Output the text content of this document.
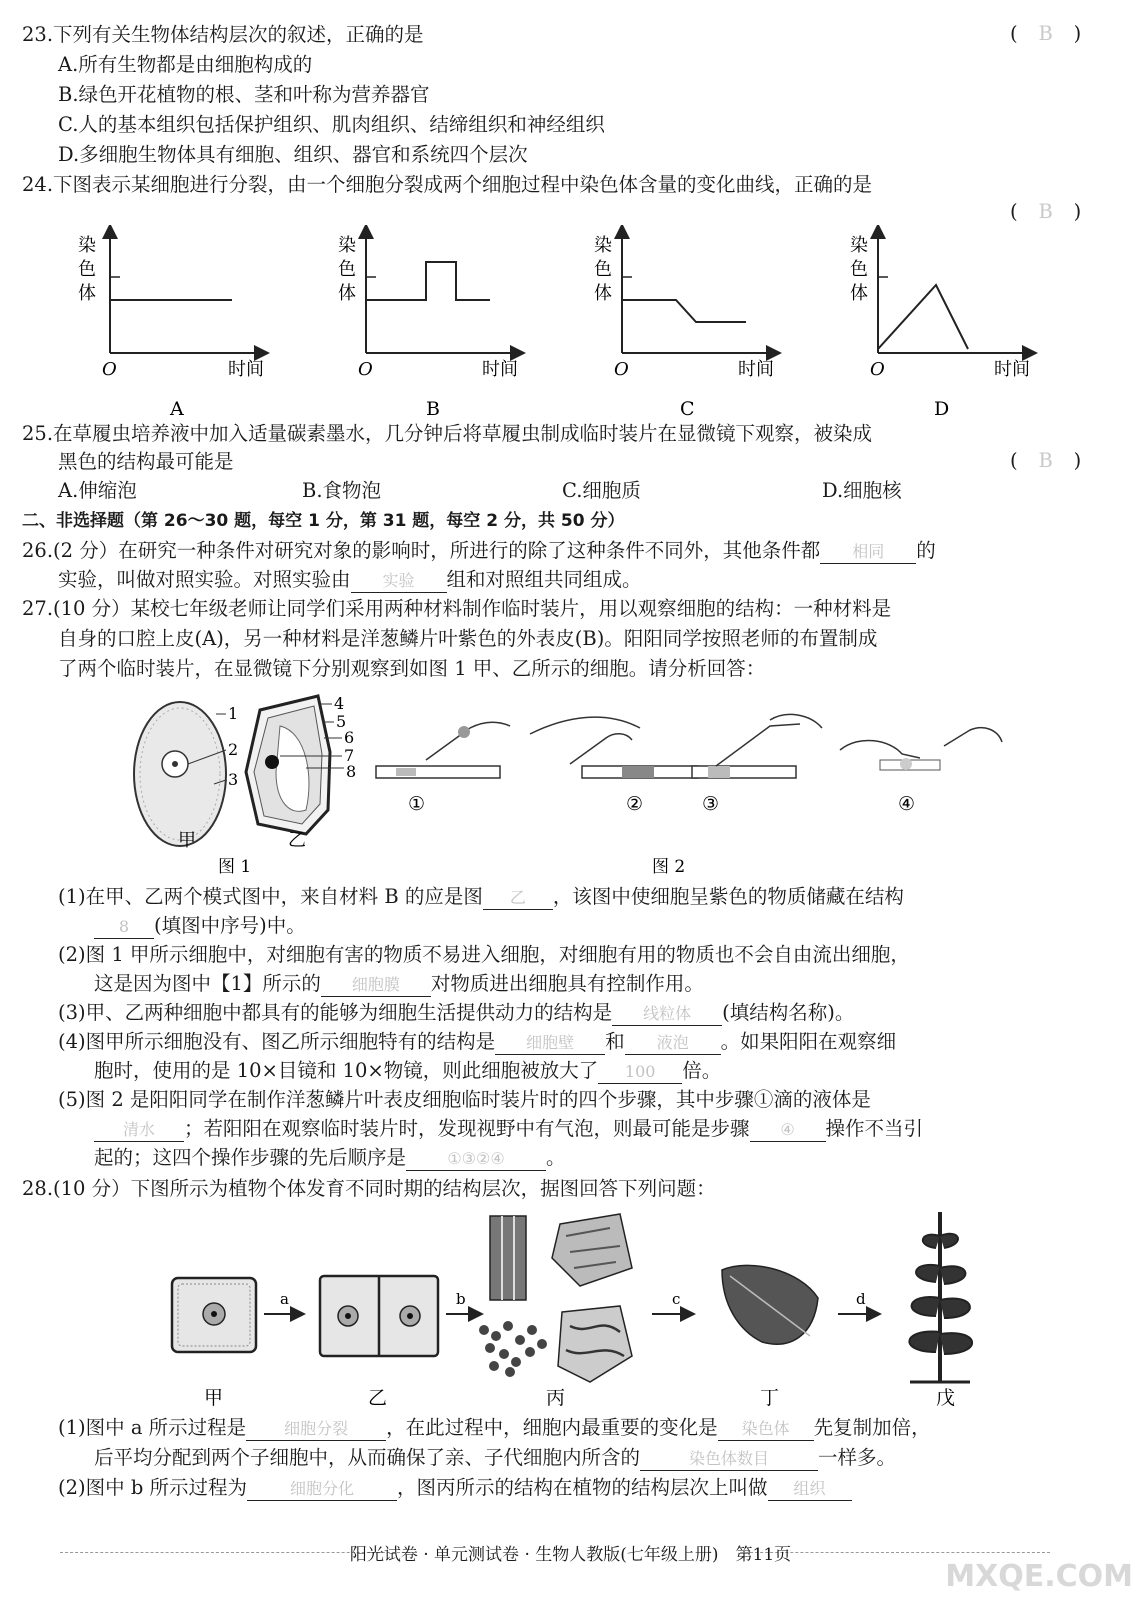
23.下列有关生物体结构层次的叙述，正确的是	( B )
A.所有生物都是由细胞构成的
B.绿色开花植物的根、茎和叶称为营养器官
C.人的基本组织包括保护组织、肌肉组织、结缔组织和神经组织
D.多细胞生物体具有细胞、组织、器官和系统四个层次
24.下图表示某细胞进行分裂，由一个细胞分裂成两个细胞过程中染色体含量的变化曲线，正确的是
( B )
染
色
体
O	时间
A
染
色
体
O	时间
B
染
色
体
O	时间
C
染
色
体
O	时间
D
25.在草履虫培养液中加入适量碳素墨水，几分钟后将草履虫制成临时装片在显微镜下观察，被染成
黑色的结构最可能是	( B )
A.伸缩泡	B.食物泡	C.细胞质	D.细胞核
二、非选择题（第 26～30 题，每空 1 分，第 31 题，每空 2 分，共 50 分）
26.(2 分）在研究一种条件对研究对象的影响时，所进行的除了这种条件不同外，其他条件都 相同 的
实验，叫做对照实验。对照实验由 实验 组和对照组共同组成。
27.(10 分）某校七年级老师让同学们采用两种材料制作临时装片，用以观察细胞的结构：一种材料是
自身的口腔上皮(A)，另一种材料是洋葱鳞片叶紫色的外表皮(B)。阳阳同学按照老师的布置制成
了两个临时装片，在显微镜下分别观察到如图 1 甲、乙所示的细胞。请分析回答：
1
2
3
4
5
6
7
8
甲	乙
图 1
①	②	③	④
图 2
(1)在甲、乙两个模式图中，来自材料 B 的应是图 乙 ，该图中使细胞呈紫色的物质储藏在结构
8 (填图中序号)中。
(2)图 1 甲所示细胞中，对细胞有害的物质不易进入细胞，对细胞有用的物质也不会自由流出细胞，
这是因为图中【1】所示的 细胞膜 对物质进出细胞具有控制作用。
(3)甲、乙两种细胞中都具有的能够为细胞生活提供动力的结构是 线粒体 (填结构名称)。
(4)图甲所示细胞没有、图乙所示细胞特有的结构是 细胞壁 和 液泡 。如果阳阳在观察细
胞时，使用的是 10×目镜和 10×物镜，则此细胞被放大了 100 倍。
(5)图 2 是阳阳同学在制作洋葱鳞片叶表皮细胞临时装片时的四个步骤，其中步骤①滴的液体是
清水 ；若阳阳在观察临时装片时，发现视野中有气泡，则最可能是步骤 ④ 操作不当引
起的；这四个操作步骤的先后顺序是	①③②④ 。
28.(10 分）下图所示为植物个体发育不同时期的结构层次，据图回答下列问题：
a	b	c	d
甲	乙	丙	丁	戊
(1)图中 a 所示过程是 细胞分裂 ，在此过程中，细胞内最重要的变化是 染色体 先复制加倍，
后平均分配到两个子细胞中，从而确保了亲、子代细胞内所含的	染色体数目	一样多。
(2)图中 b 所示过程为	细胞分化 ，图丙所示的结构在植物的结构层次上叫做 组织
阳光试卷 · 单元测试卷 · 生物人教版(七年级上册)　第11页
MXQE.COM
